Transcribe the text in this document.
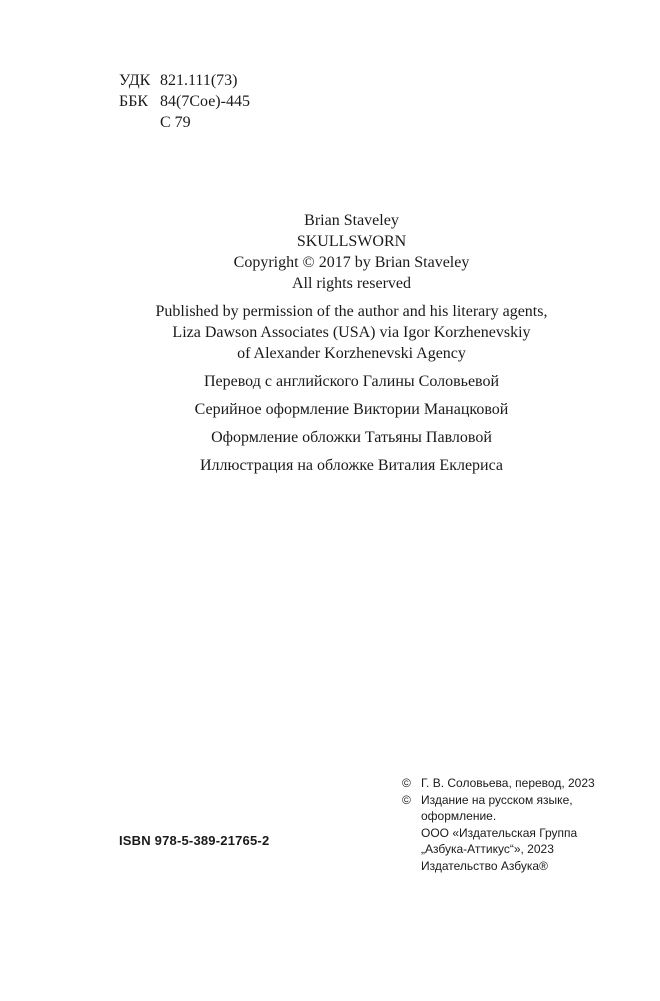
УДК 821.111(73)
ББК 84(7Сое)-445
С 79
Brian Staveley
SKULLSWORN
Copyright © 2017 by Brian Staveley
All rights reserved
Published by permission of the author and his literary agents,
Liza Dawson Associates (USA) via Igor Korzhenevskiy
of Alexander Korzhenevski Agency
Перевод с английского Галины Соловьевой
Серийное оформление Виктории Манацковой
Оформление обложки Татьяны Павловой
Иллюстрация на обложке Виталия Еклериса
ISBN 978-5-389-21765-2
© Г. В. Соловьева, перевод, 2023
© Издание на русском языке,
оформление.
ООО «Издательская Группа
„Азбука-Аттикус“», 2023
Издательство Азбука®
